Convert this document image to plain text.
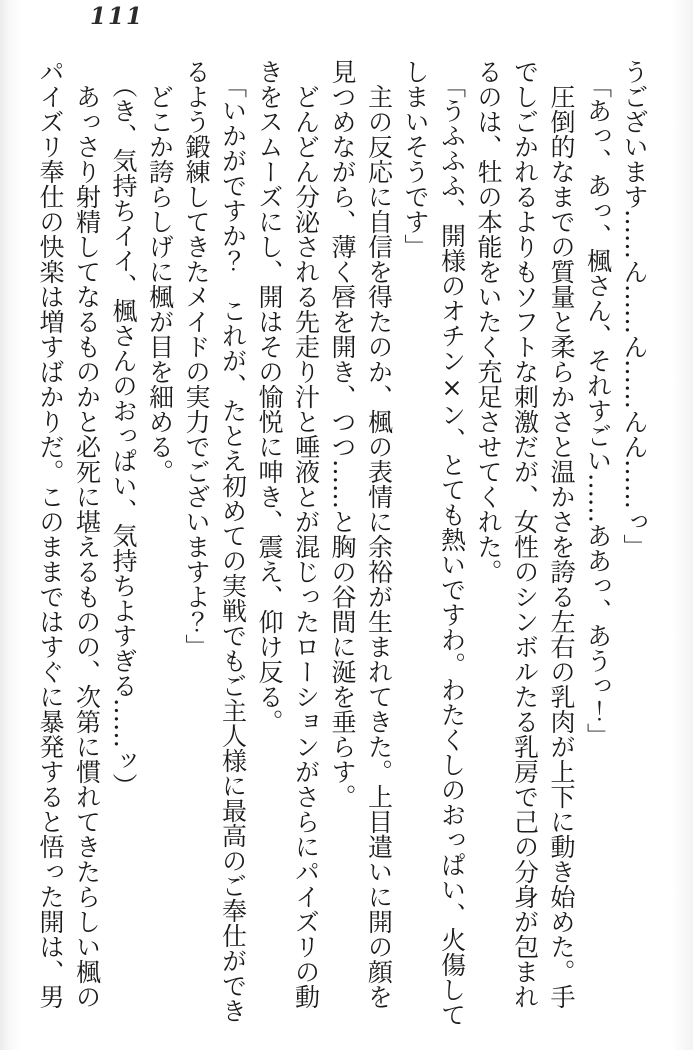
111

うございます……ん……ん……んん……っ」

「あっ、あっ、楓さん、それすごい……ああっ、あうっ！」

圧倒的なまでの質量と柔らかさと温かさを誇る左右の乳肉が上下に動き始めた。手

でしごかれるよりもソフトな刺激だが、女性のシンボルたる乳房で己の分身が包まれ

るのは、牡の本能をいたく充足させてくれた。

「うふふふ、開様のオチン×ン、とても熱いですわ。わたくしのおっぱい、火傷して

しまいそうです」

主の反応に自信を得たのか、楓の表情に余裕が生まれてきた。上目遣いに開の顔を

見つめながら、薄く唇を開き、つつ……と胸の谷間に涎を垂らす。

どんどん分泌される先走り汁と唾液とが混じったローションがさらにパイズリの動

きをスムーズにし、開はその愉悦に呻き、震え、仰け反る。

「いかがですか？　これが、たとえ初めての実戦でもご主人様に最高のご奉仕ができ

るよう鍛練してきたメイドの実力でございますよ？」

どこか誇らしげに楓が目を細める。

（き、気持ちイイ、楓さんのおっぱい、気持ちよすぎる……ッ）

あっさり射精してなるものかと必死に堪えるものの、次第に慣れてきたらしい楓の

パイズリ奉仕の快楽は増すばかりだ。このままではすぐに暴発すると悟った開は、男
